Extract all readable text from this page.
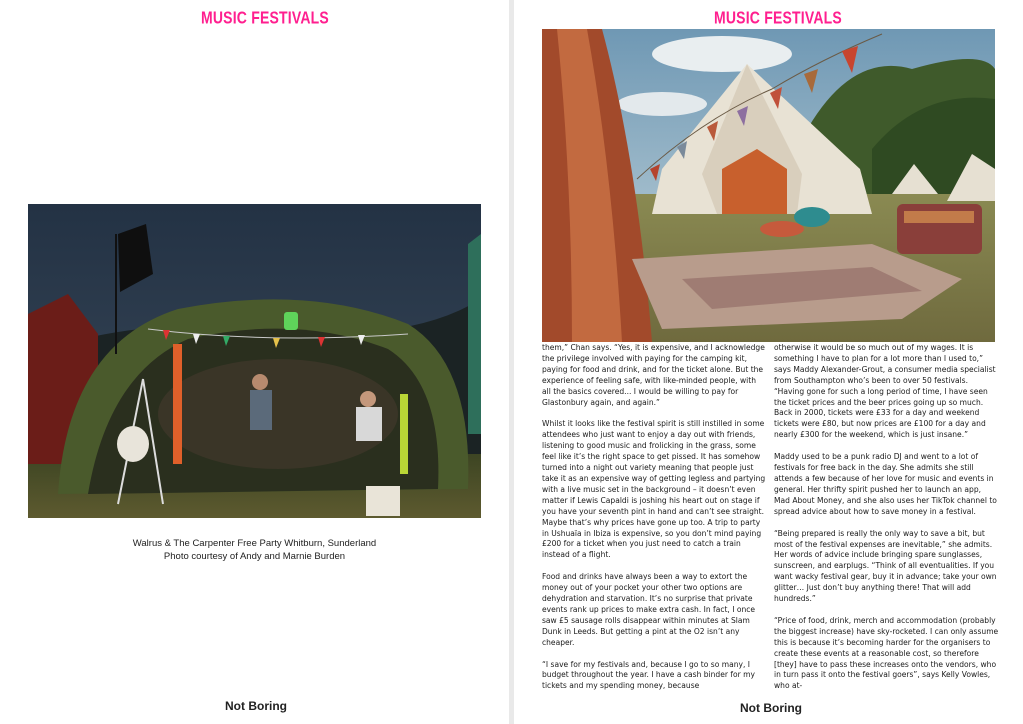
MUSIC FESTIVALS
Walrus & The Carpenter Free Party Whitburn, Sunderland
Photo courtesy of Andy and Marnie Burden
Not Boring
MUSIC FESTIVALS

them,” Chan says. “Yes, it is expensive, and I acknowledge the privilege involved with paying for the camping kit, paying for food and drink, and for the ticket alone. But the experience of feeling safe, with like-minded people, with all the basics covered... I would be willing to pay for Glastonbury again, and again.”

Whilst it looks like the festival spirit is still instilled in some attendees who just want to enjoy a day out with friends, listening to good music and frolicking in the grass, some feel like it’s the right space to get pissed. It has somehow turned into a night out variety meaning that people just take it as an expensive way of getting legless and partying with a live music set in the background – it doesn’t even matter if Lewis Capaldi is joshing his heart out on stage if you have your seventh pint in hand and can’t see straight. Maybe that’s why prices have gone up too. A trip to party in Ushuaïa in Ibiza is expensive, so you don’t mind paying £200 for a ticket when you just need to catch a train instead of a flight.

Food and drinks have always been a way to extort the money out of your pocket your other two options are dehydration and starvation. It’s no surprise that private events rank up prices to make extra cash. In fact, I once saw £5 sausage rolls disappear within minutes at Slam Dunk in Leeds. But getting a pint at the O2 isn’t any cheaper.

“I save for my festivals and, because I go to so many, I budget throughout the year. I have a cash binder for my tickets and my spending money, because

otherwise it would be so much out of my wages. It is something I have to plan for a lot more than I used to,” says Maddy Alexander-Grout, a consumer media specialist from Southampton who’s been to over 50 festivals. “Having gone for such a long period of time, I have seen the ticket prices and the beer prices going up so much. Back in 2000, tickets were £33 for a day and weekend tickets were £80, but now prices are £100 for a day and nearly £300 for the weekend, which is just insane.”

Maddy used to be a punk radio DJ and went to a lot of festivals for free back in the day. She admits she still attends a few because of her love for music and events in general. Her thrifty spirit pushed her to launch an app, Mad About Money, and she also uses her TikTok channel to spread advice about how to save money in a festival.

“Being prepared is really the only way to save a bit, but most of the festival expenses are inevitable,” she admits. Her words of advice include bringing spare sunglasses, sunscreen, and earplugs. “Think of all eventualities. If you want wacky festival gear, buy it in advance; take your own glitter… Just don’t buy anything there! That will add hundreds.”

“Price of food, drink, merch and accommodation (probably the biggest increase) have sky-rocketed. I can only assume this is because it’s becoming harder for the organisers to create these events at a reasonable cost, so therefore [they] have to pass these increases onto the vendors, who in turn pass it onto the festival goers”, says Kelly Vowles, who at-

Not Boring
